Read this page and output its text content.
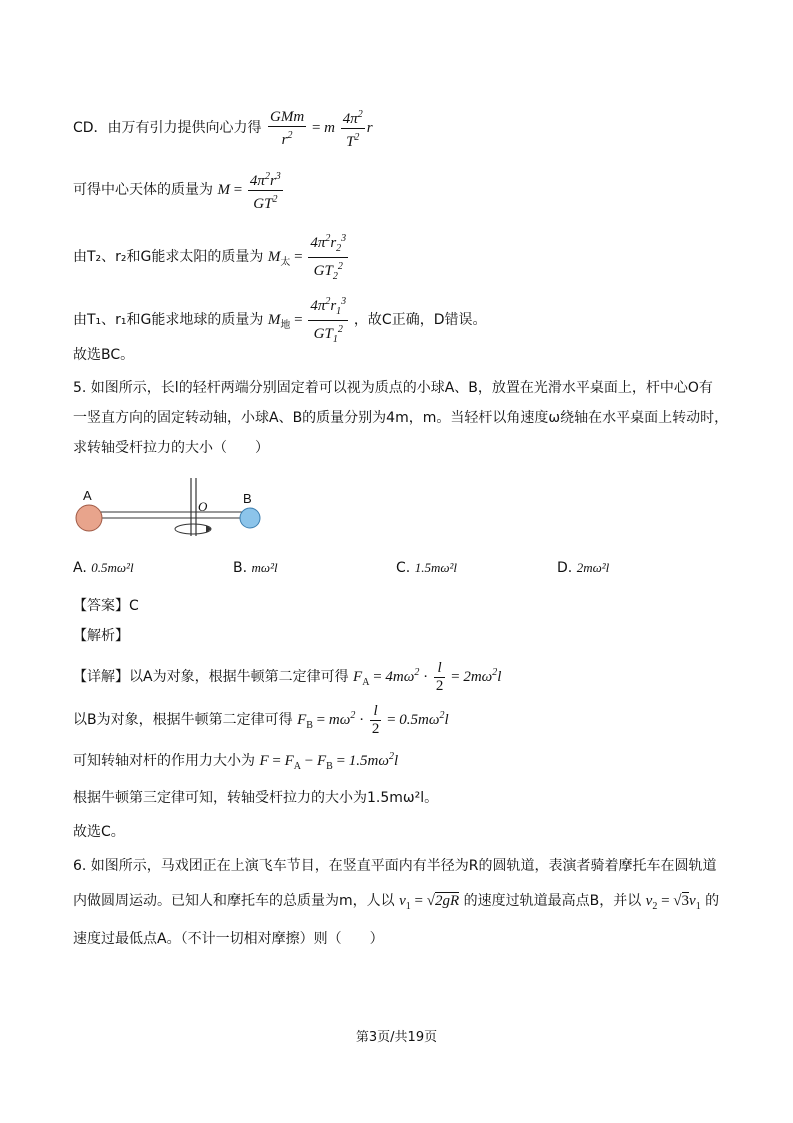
CD．由万有引力提供向心力得 $\frac{\text{GMm}}{r^2} = m \frac{4\pi^2}{T^2}$ r
可得中心天体的质量为 $M = \frac{4\pi^2r^3}{GT^2}$
由T₂、r₂和G能求太阳的质量为 $M_太 = \frac{4\pi^2r_2^3}{GT_2^2}$
由T₁、r₁和G能求地球的质量为 $M_地 = \frac{4\pi^2r_1^3}{GT_1^2}$ ，故C正确，D错误。
故选BC。
5. 如图所示，长l的轻杆两端分别固定着可以视为质点的小球A、B，放置在光滑水平桌面上，杆中心O有
一竖直方向的固定转动轴，小球A、B的质量分别为4m，m。当轻杆以角速度ω绕轴在水平桌面上转动时，
求转轴受杆拉力的大小（　　）
A	B
O
A. 0.5mω²l	B. mω²l	C. 1.5mω²l	D. 2mω²l
【答案】C
【解析】
【详解】以A为对象，根据牛顿第二定律可得 $F_A = 4m\omega^2 \cdot \frac{l}{2} = 2m\omega^2l$
以B为对象，根据牛顿第二定律可得 $F_B = m\omega^2 \cdot \frac{l}{2} = 0.5m\omega^2l$
可知转轴对杆的作用力大小为 $F = F_A - F_B = 1.5m\omega^2l$
根据牛顿第三定律可知，转轴受杆拉力的大小为1.5mω²l。
故选C。
6. 如图所示，马戏团正在上演飞车节目，在竖直平面内有半径为R的圆轨道，表演者骑着摩托车在圆轨道
内做圆周运动。已知人和摩托车的总质量为m，人以 $v_1 = √2gR$ 的速度过轨道最高点B，并以 $v_2 = √3v_1$ 的
速度过最低点A。（不计一切相对摩擦）则（　　）
第3页/共19页
